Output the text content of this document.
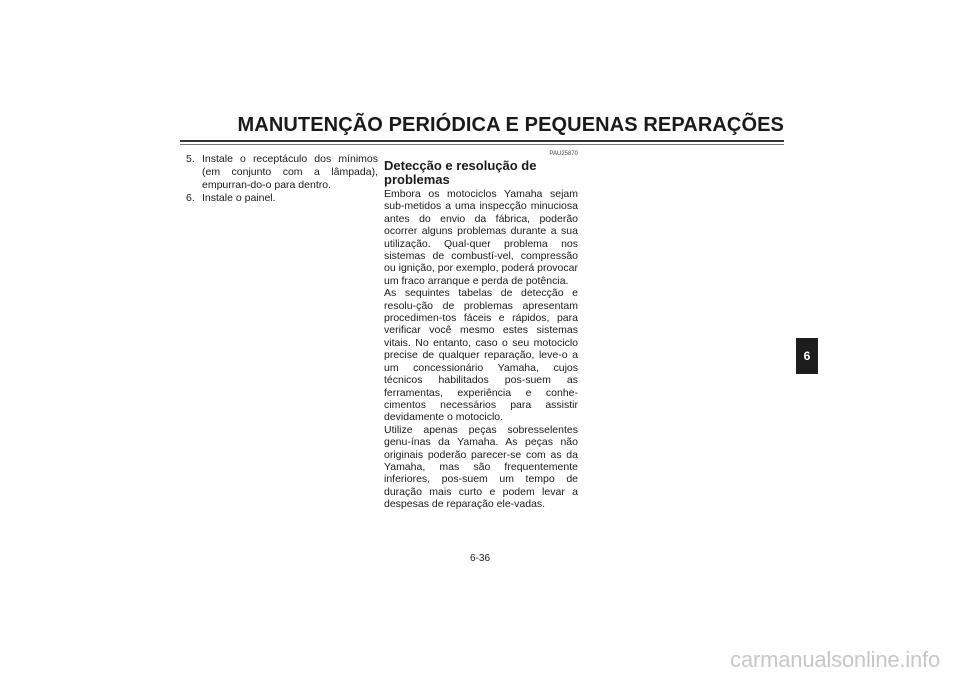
MANUTENÇÃO PERIÓDICA E PEQUENAS REPARAÇÕES
5. Instale o receptáculo dos mínimos (em conjunto com a lâmpada), empurran-do-o para dentro.
6. Instale o painel.
PAU25870
Detecção e resolução de problemas

Embora os motociclos Yamaha sejam sub-metidos a uma inspecção minuciosa antes do envio da fábrica, poderão ocorrer alguns problemas durante a sua utilização. Qual-quer problema nos sistemas de combustí-vel, compressão ou ignição, por exemplo, poderá provocar um fraco arranque e perda de potência.

As sequintes tabelas de detecção e resolu-ção de problemas apresentam procedimen-tos fáceis e rápidos, para verificar você mesmo estes sistemas vitais. No entanto, caso o seu motociclo precise de qualquer reparação, leve-o a um concessionário Yamaha, cujos técnicos habilitados pos-suem as ferramentas, experiência e conhe-cimentos necessários para assistir devidamente o motociclo.

Utilize apenas peças sobresselentes genu-ínas da Yamaha. As peças não originais poderão parecer-se com as da Yamaha, mas são frequentemente inferiores, pos-suem um tempo de duração mais curto e podem levar a despesas de reparação ele-vadas.

6
6-36
carmanualsonline.info
